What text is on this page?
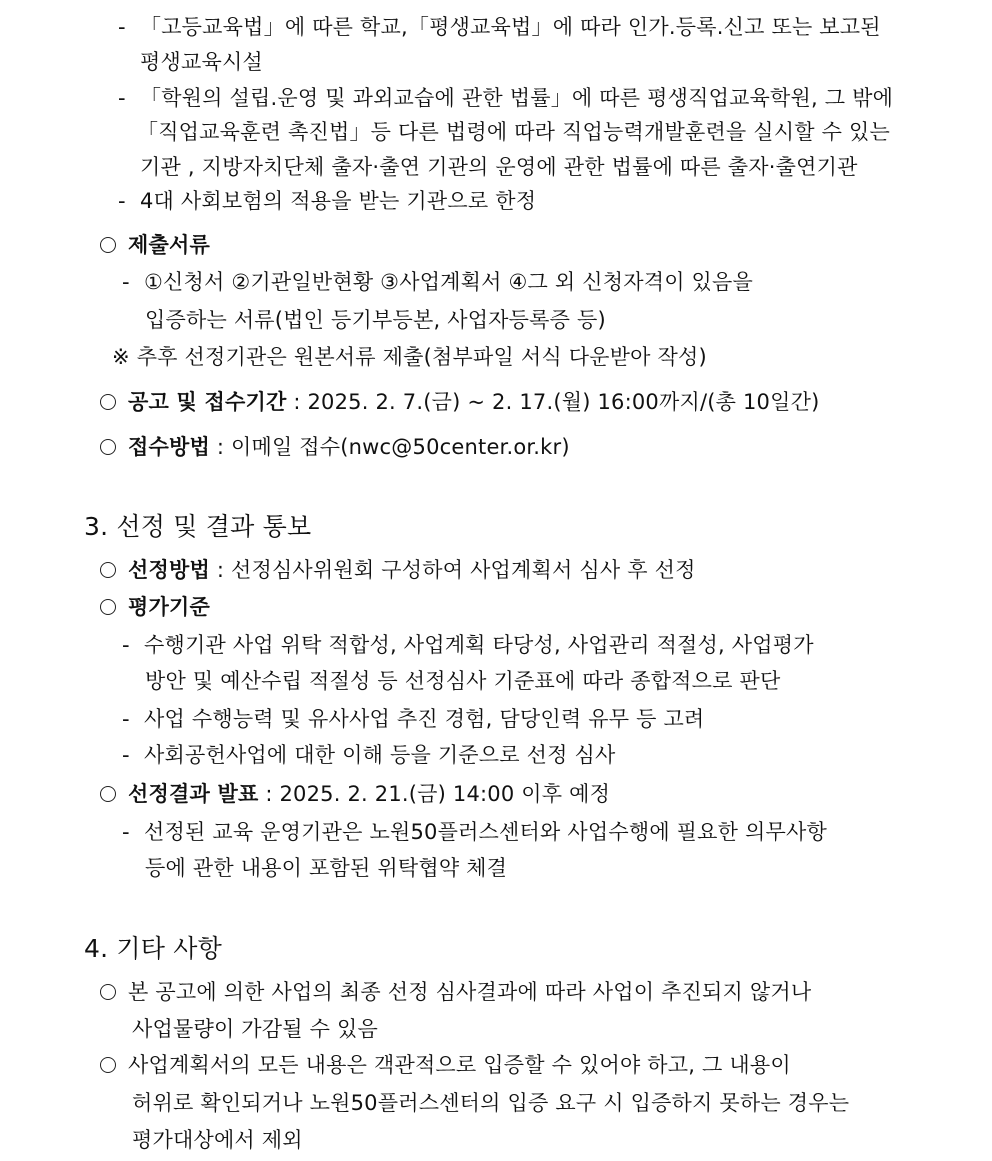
- 「고등교육법」에 따른 학교,「평생교육법」에 따라 인가.등록.신고 또는 보고된
평생교육시설
- 「학원의 설립.운영 및 과외교습에 관한 법률」에 따른 평생직업교육학원, 그 밖에
「직업교육훈련 촉진법」등 다른 법령에 따라 직업능력개발훈련을 실시할 수 있는
기관 , 지방자치단체 출자·출연 기관의 운영에 관한 법률에 따른 출자·출연기관
- 4대 사회보험의 적용을 받는 기관으로 한정
제출서류
- ①신청서 ②기관일반현황 ③사업계획서 ④그 외 신청자격이 있음을
입증하는 서류(법인 등기부등본, 사업자등록증 등)
※ 추후 선정기관은 원본서류 제출(첨부파일 서식 다운받아 작성)
공고 및 접수기간 : 2025. 2. 7.(금) ~ 2. 17.(월) 16:00까지/(총 10일간)
접수방법 : 이메일 접수(nwc@50center.or.kr)
3. 선정 및 결과 통보
선정방법 : 선정심사위원회 구성하여 사업계획서 심사 후 선정
평가기준
- 수행기관 사업 위탁 적합성, 사업계획 타당성, 사업관리 적절성, 사업평가
방안 및 예산수립 적절성 등 선정심사 기준표에 따라 종합적으로 판단
- 사업 수행능력 및 유사사업 추진 경험, 담당인력 유무 등 고려
- 사회공헌사업에 대한 이해 등을 기준으로 선정 심사
선정결과 발표 : 2025. 2. 21.(금) 14:00 이후 예정
- 선정된 교육 운영기관은 노원50플러스센터와 사업수행에 필요한 의무사항
등에 관한 내용이 포함된 위탁협약 체결
4. 기타 사항
본 공고에 의한 사업의 최종 선정 심사결과에 따라 사업이 추진되지 않거나
사업물량이 가감될 수 있음
사업계획서의 모든 내용은 객관적으로 입증할 수 있어야 하고, 그 내용이
허위로 확인되거나 노원50플러스센터의 입증 요구 시 입증하지 못하는 경우는
평가대상에서 제외
